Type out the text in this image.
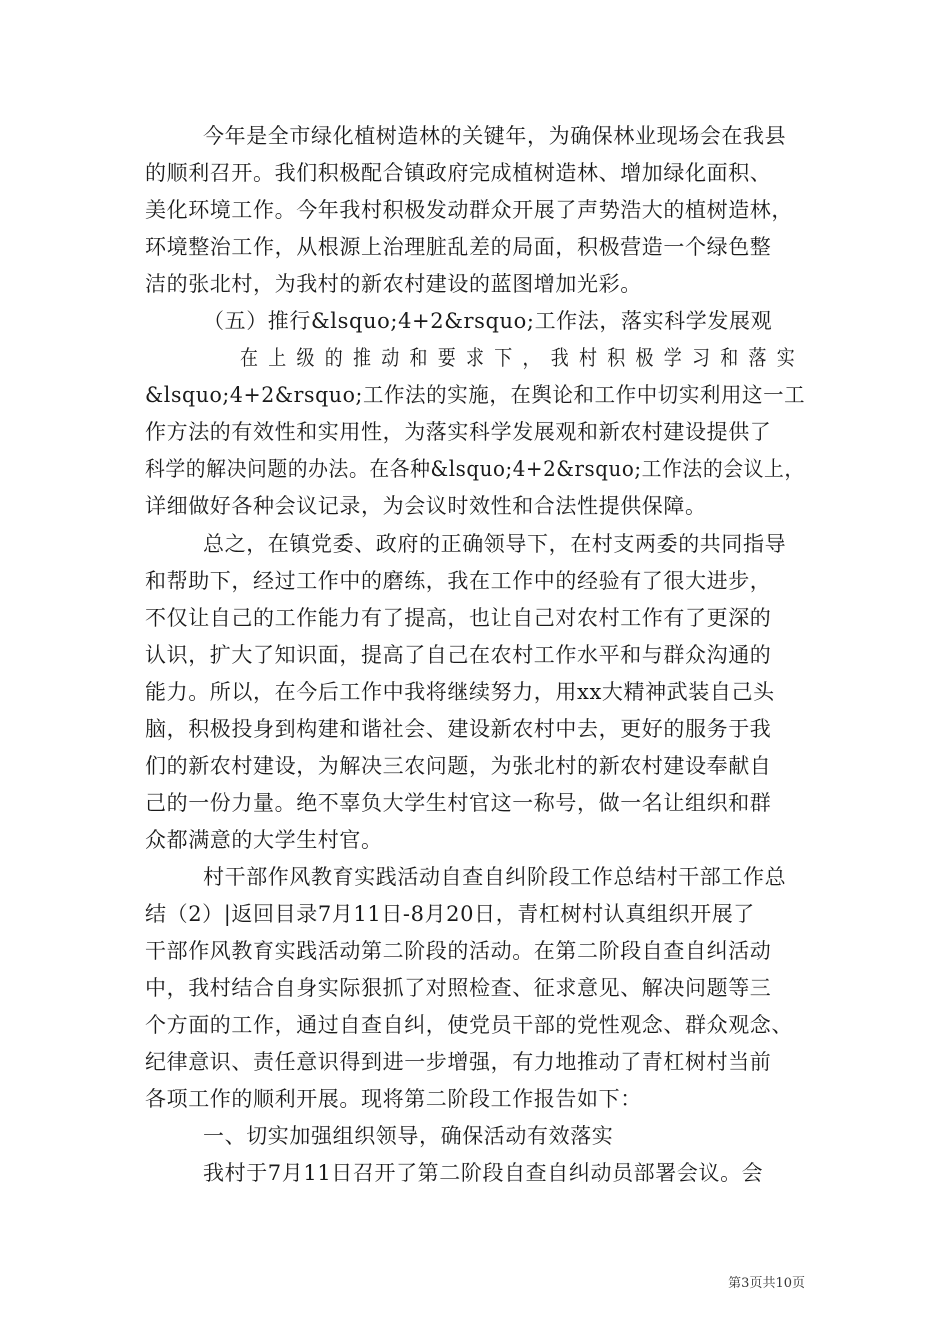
今年是全市绿化植树造林的关键年，为确保林业现场会在我县
的顺利召开。我们积极配合镇政府完成植树造林、增加绿化面积、
美化环境工作。今年我村积极发动群众开展了声势浩大的植树造林，
环境整治工作，从根源上治理脏乱差的局面，积极营造一个绿色整
洁的张北村，为我村的新农村建设的蓝图增加光彩。
（五）推行&lsquo;4+2&rsquo;工作法，落实科学发展观
在上级的推动和要求下，我村积极学习和落实
&lsquo;4+2&rsquo;工作法的实施，在舆论和工作中切实利用这一工
作方法的有效性和实用性，为落实科学发展观和新农村建设提供了
科学的解决问题的办法。在各种&lsquo;4+2&rsquo;工作法的会议上，
详细做好各种会议记录，为会议时效性和合法性提供保障。
总之，在镇党委、政府的正确领导下，在村支两委的共同指导
和帮助下，经过工作中的磨练，我在工作中的经验有了很大进步，
不仅让自己的工作能力有了提高，也让自己对农村工作有了更深的
认识，扩大了知识面，提高了自己在农村工作水平和与群众沟通的
能力。所以，在今后工作中我将继续努力，用xx大精神武装自己头
脑，积极投身到构建和谐社会、建设新农村中去，更好的服务于我
们的新农村建设，为解决三农问题，为张北村的新农村建设奉献自
己的一份力量。绝不辜负大学生村官这一称号，做一名让组织和群
众都满意的大学生村官。
村干部作风教育实践活动自查自纠阶段工作总结村干部工作总
结（2）|返回目录7月11日-8月20日，青杠树村认真组织开展了
干部作风教育实践活动第二阶段的活动。在第二阶段自查自纠活动
中，我村结合自身实际狠抓了对照检查、征求意见、解决问题等三
个方面的工作，通过自查自纠，使党员干部的党性观念、群众观念、
纪律意识、责任意识得到进一步增强，有力地推动了青杠树村当前
各项工作的顺利开展。现将第二阶段工作报告如下：
一、切实加强组织领导，确保活动有效落实
我村于7月11日召开了第二阶段自查自纠动员部署会议。会
第3页共10页
